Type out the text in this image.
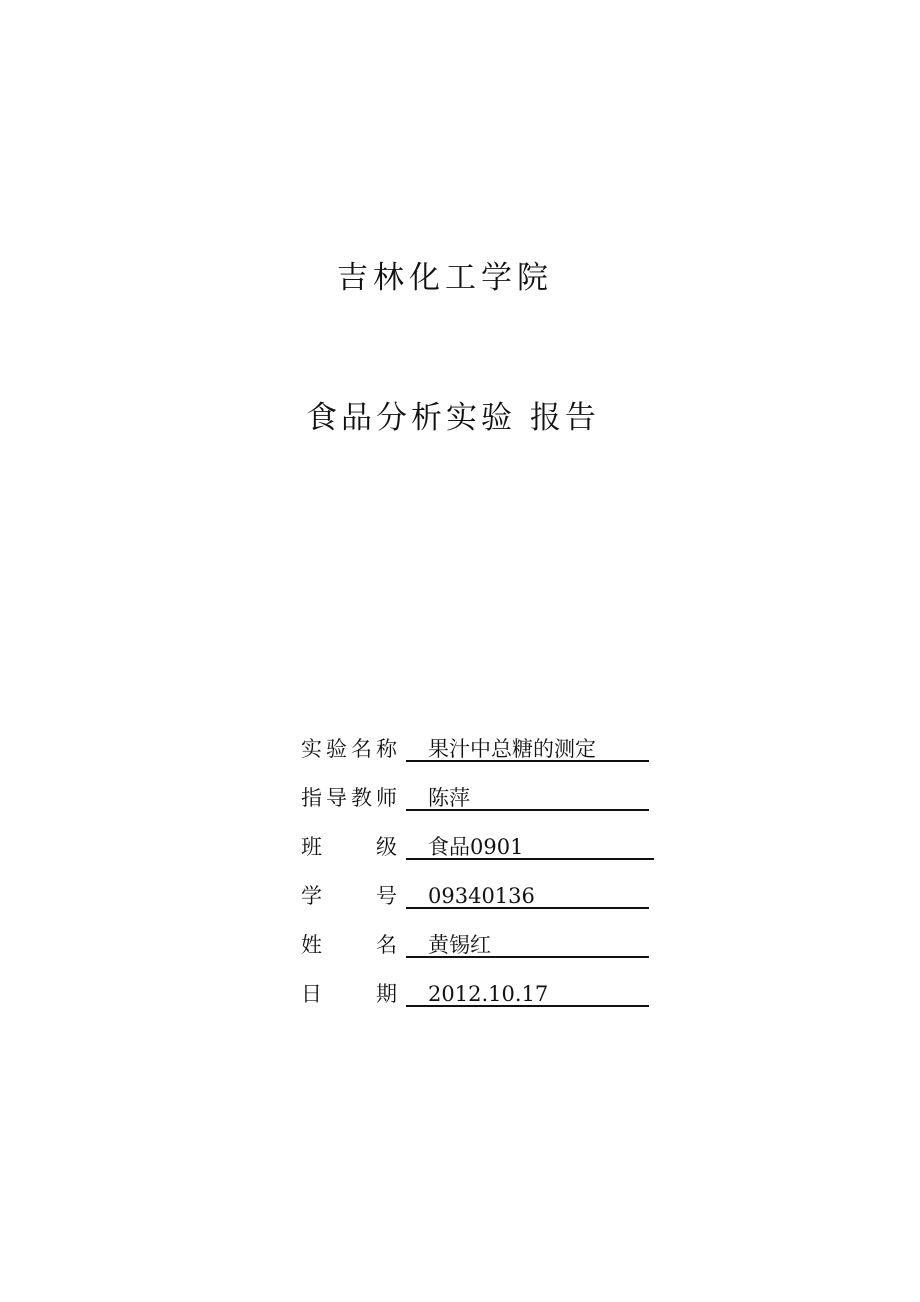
吉林化工学院
食品分析实验 报告
实验名称	果汁中总糖的测定
指导教师	陈萍
班 级	食品0901
学 号	09340136
姓 名	黄锡红
日 期	2012.10.17
